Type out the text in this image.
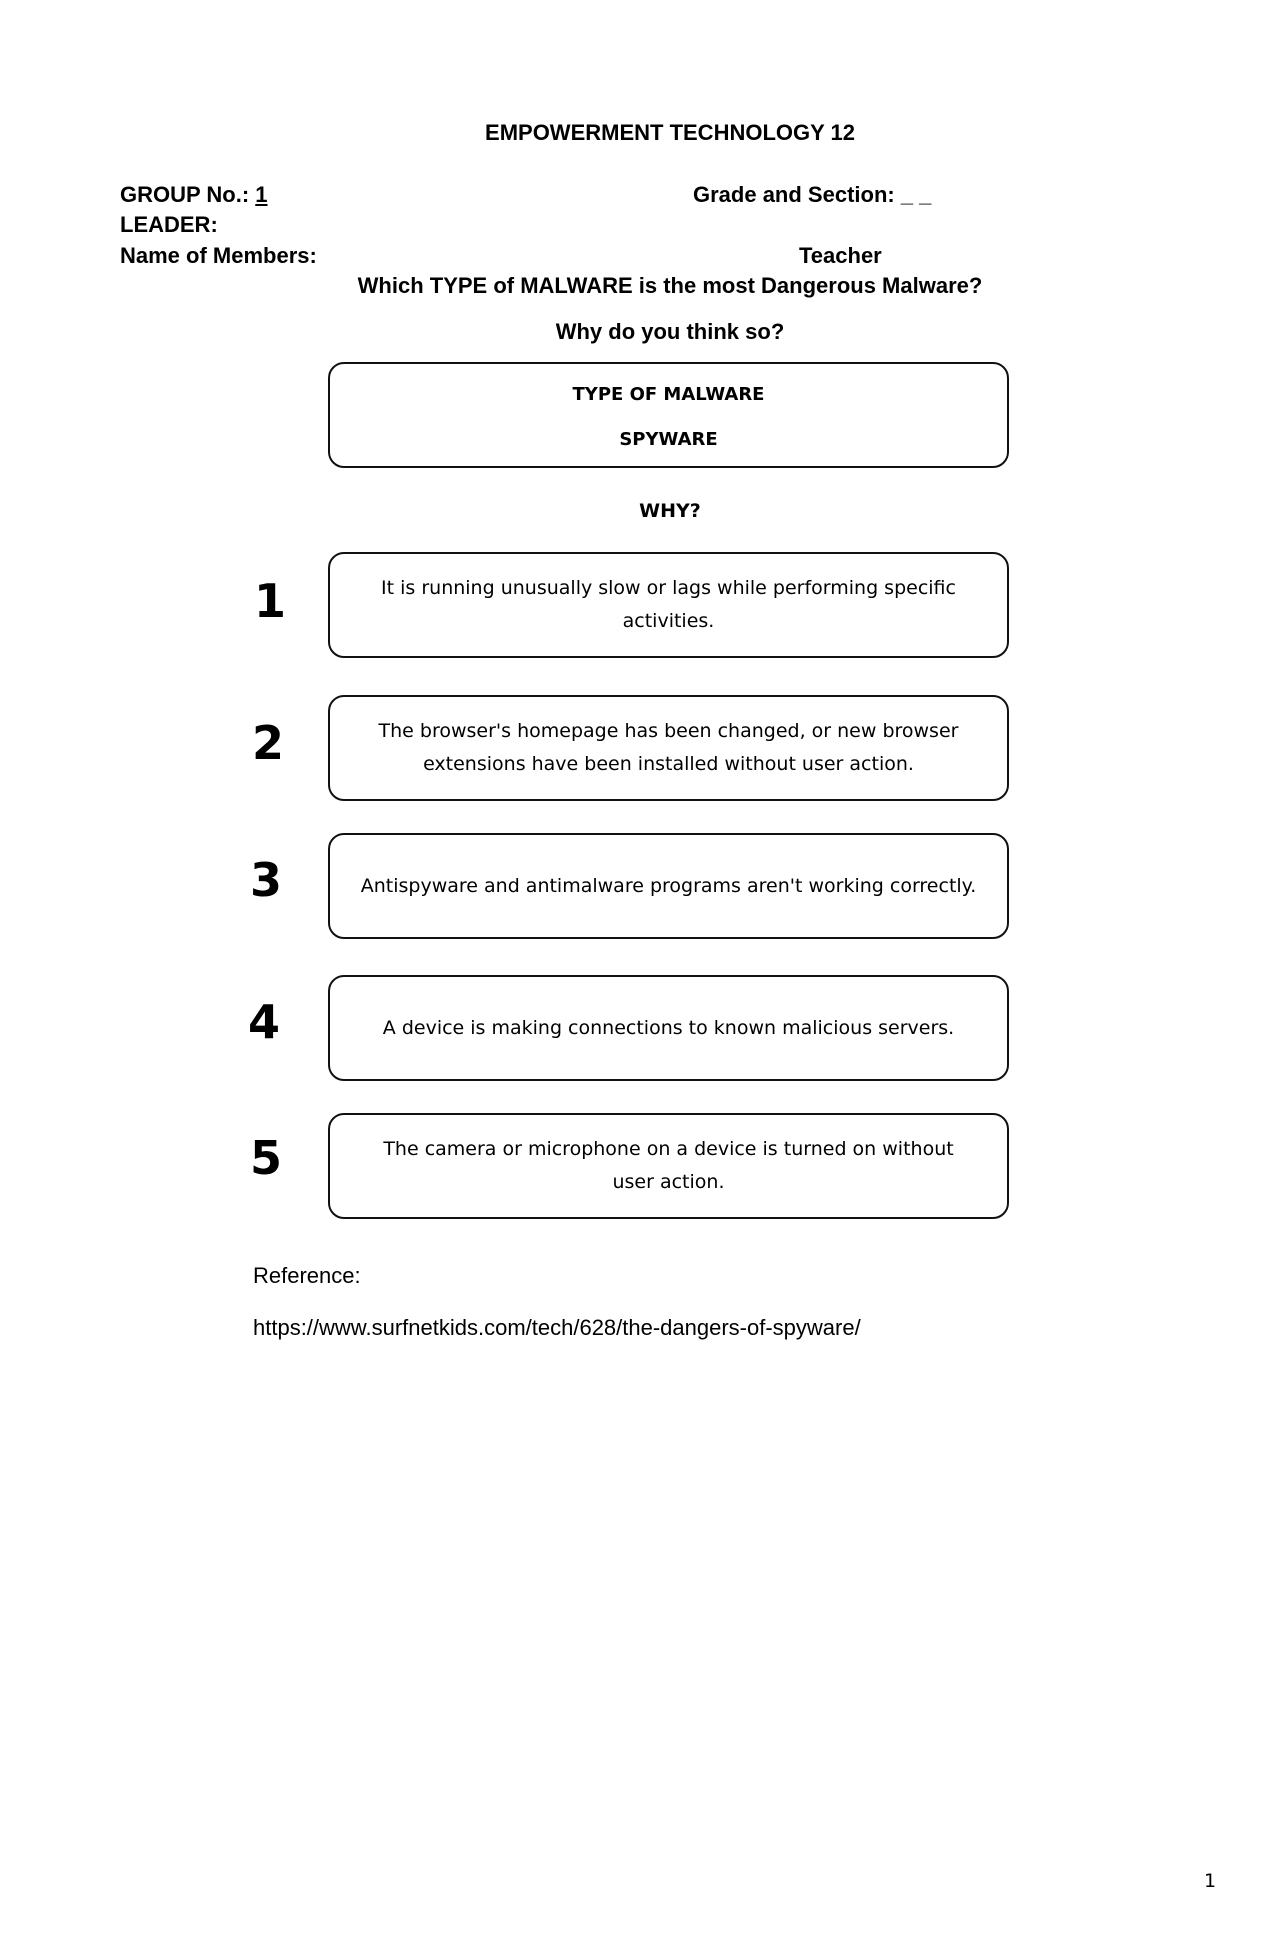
EMPOWERMENT TECHNOLOGY 12
GROUP No.: 1	Grade and Section: _ _
LEADER:
Name of Members:	Teacher
Which TYPE of MALWARE is the most Dangerous Malware?
Why do you think so?
TYPE OF MALWARE
SPYWARE
WHY?
1	It is running unusually slow or lags while performing specific activities.
2	The browser's homepage has been changed, or new browser extensions have been installed without user action.
3	Antispyware and antimalware programs aren't working correctly.
4	A device is making connections to known malicious servers.
5	The camera or microphone on a device is turned on without user action.
Reference:
https://www.surfnetkids.com/tech/628/the-dangers-of-spyware/
1
